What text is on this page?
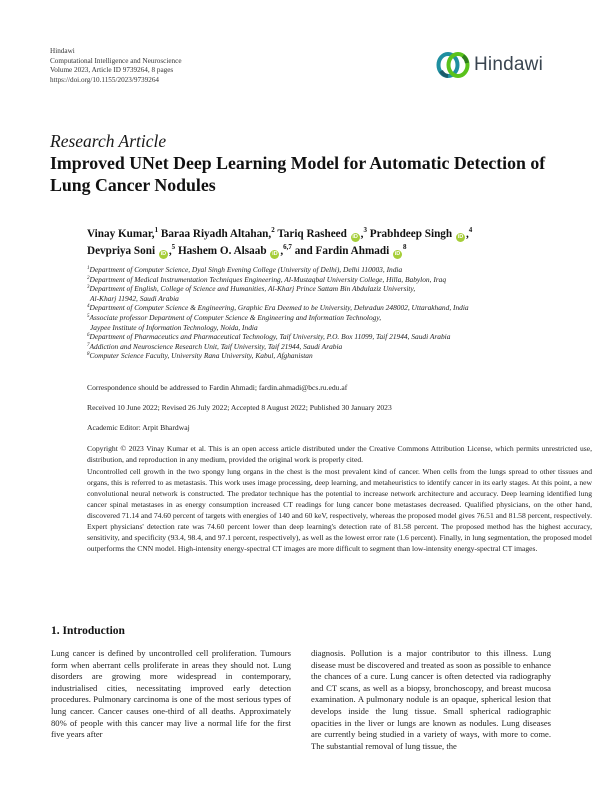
Hindawi
Computational Intelligence and Neuroscience
Volume 2023, Article ID 9739264, 8 pages
https://doi.org/10.1155/2023/9739264
Hindawi
Research Article
Improved UNet Deep Learning Model for Automatic Detection of Lung Cancer Nodules
Vinay Kumar,$^1$ Baraa Riyadh Altahan,$^2$ Tariq Rasheed iD ,$^3$ Prabhdeep Singh iD ,$^4$
Devpriya Soni iD ,$^5$ Hashem O. Alsaab iD ,$^{6,7}$ and Fardin Ahmadi $iD^8$
$^1$Department of Computer Science, Dyal Singh Evening College (University of Delhi), Delhi 110003, India
$^2$Department of Medical Instrumentation Techniques Engineering, Al-Mustaqbal University College, Hilla, Babylon, Iraq
$^3$Department of English, College of Science and Humanities, Al-Kharj Prince Sattam Bin Abdulaziz University,
Al-Kharj 11942, Saudi Arabia
$^4$Department of Computer Science & Engineering, Graphic Era Deemed to be University, Dehradun 248002, Uttarakhand, India
$^5$Associate professor Department of Computer Science & Engineering and Information Technology,
Jaypee Institute of Information Technology, Noida, India
$^6$Department of Pharmaceutics and Pharmaceutical Technology, Taif University, P.O. Box 11099, Taif 21944, Saudi Arabia
$^7$Addiction and Neuroscience Research Unit, Taif University, Taif 21944, Saudi Arabia
$^8$Computer Science Faculty, University Rana University, Kabul, Afghanistan
Correspondence should be addressed to Fardin Ahmadi; fardin.ahmadi@bcs.ru.edu.af
Received 10 June 2022; Revised 26 July 2022; Accepted 8 August 2022; Published 30 January 2023
Academic Editor: Arpit Bhardwaj
Copyright © 2023 Vinay Kumar et al. This is an open access article distributed under the Creative Commons Attribution License, which permits unrestricted use, distribution, and reproduction in any medium, provided the original work is properly cited.
Uncontrolled cell growth in the two spongy lung organs in the chest is the most prevalent kind of cancer. When cells from the lungs spread to other tissues and organs, this is referred to as metastasis. This work uses image processing, deep learning, and metaheuristics to identify cancer in its early stages. At this point, a new convolutional neural network is constructed. The predator technique has the potential to increase network architecture and accuracy. Deep learning identified lung cancer spinal metastases in as energy consumption increased CT readings for lung cancer bone metastases decreased. Qualified physicians, on the other hand, discovered 71.14 and 74.60 percent of targets with energies of 140 and 60 keV, respectively, whereas the proposed model gives 76.51 and 81.58 percent, respectively. Expert physicians' detection rate was 74.60 percent lower than deep learning's detection rate of 81.58 percent. The proposed method has the highest accuracy, sensitivity, and specificity (93.4, 98.4, and 97.1 percent, respectively), as well as the lowest error rate (1.6 percent). Finally, in lung segmentation, the proposed model outperforms the CNN model. High-intensity energy-spectral CT images are more difficult to segment than low-intensity energy-spectral CT images.
1. Introduction

Lung cancer is defined by uncontrolled cell proliferation. Tumours form when aberrant cells proliferate in areas they should not. Lung disorders are growing more widespread in contemporary, industrialised cities, necessitating improved early detection procedures. Pulmonary carcinoma is one of the most serious types of lung cancer. Cancer causes one-third of all deaths. Approximately 80% of people with this cancer may live a normal life for the first five years after

diagnosis. Pollution is a major contributor to this illness. Lung disease must be discovered and treated as soon as possible to enhance the chances of a cure. Lung cancer is often detected via radiography and CT scans, as well as a biopsy, bronchoscopy, and breast mucosa examination. A pulmonary nodule is an opaque, spherical lesion that develops inside the lung tissue. Small spherical radiographic opacities in the liver or lungs are known as nodules. Lung diseases are currently being studied in a variety of ways, with more to come. The substantial removal of lung tissue, the
